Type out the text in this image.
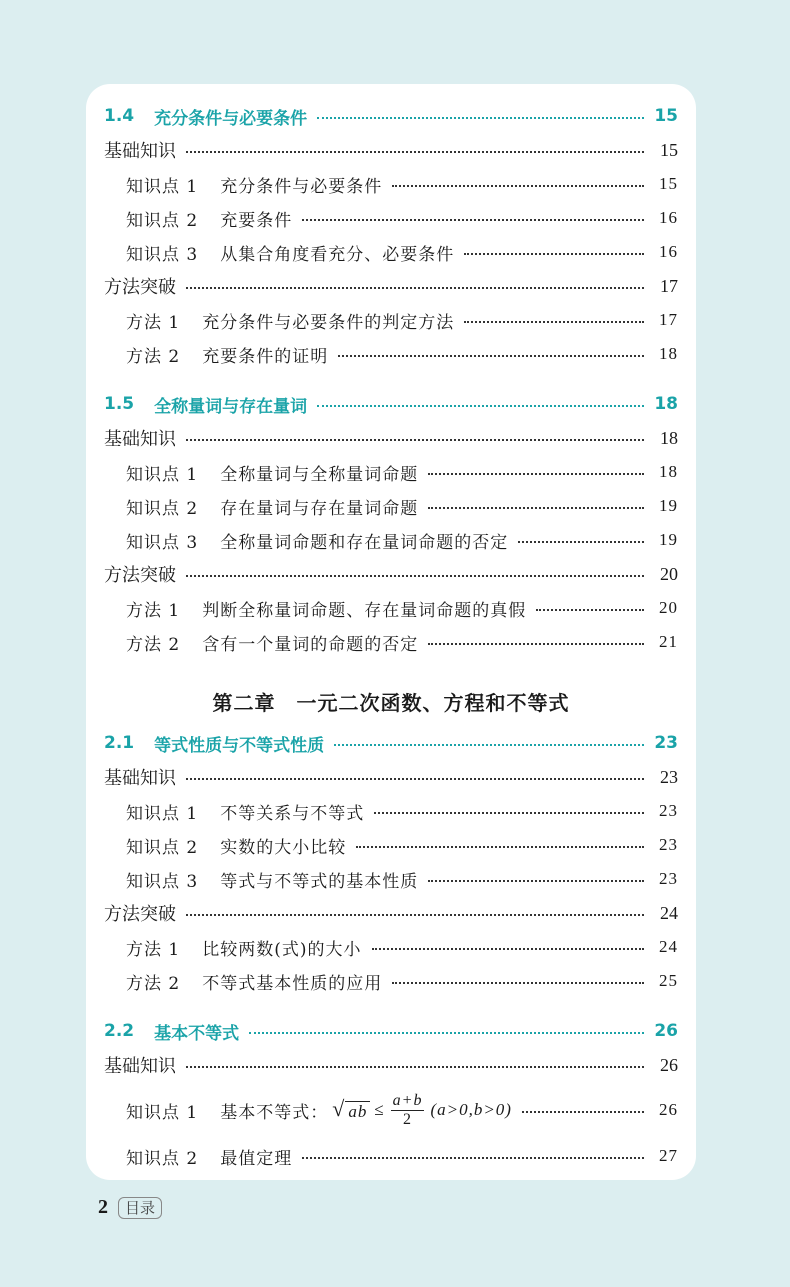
1.4 充分条件与必要条件	15
基础知识	15
知识点 1 充分条件与必要条件	15
知识点 2 充要条件	16
知识点 3 从集合角度看充分、必要条件	16
方法突破	17
方法 1 充分条件与必要条件的判定方法	17
方法 2 充要条件的证明	18
1.5 全称量词与存在量词	18
基础知识	18
知识点 1 全称量词与全称量词命题	18
知识点 2 存在量词与存在量词命题	19
知识点 3 全称量词命题和存在量词命题的否定	19
方法突破	20
方法 1 判断全称量词命题、存在量词命题的真假	20
方法 2 含有一个量词的命题的否定	21
第二章　一元二次函数、方程和不等式
2.1 等式性质与不等式性质	23
基础知识	23
知识点 1 不等关系与不等式	23
知识点 2 实数的大小比较	23
知识点 3 等式与不等式的基本性质	23
方法突破	24
方法 1 比较两数(式)的大小	24
方法 2 不等式基本性质的应用	25
2.2 基本不等式	26
基础知识	26
知识点 1 基本不等式： √ ab ≤ $\frac{a+b}{2} (a>0,b>0)$	26
知识点 2 最值定理	27
2	目录
